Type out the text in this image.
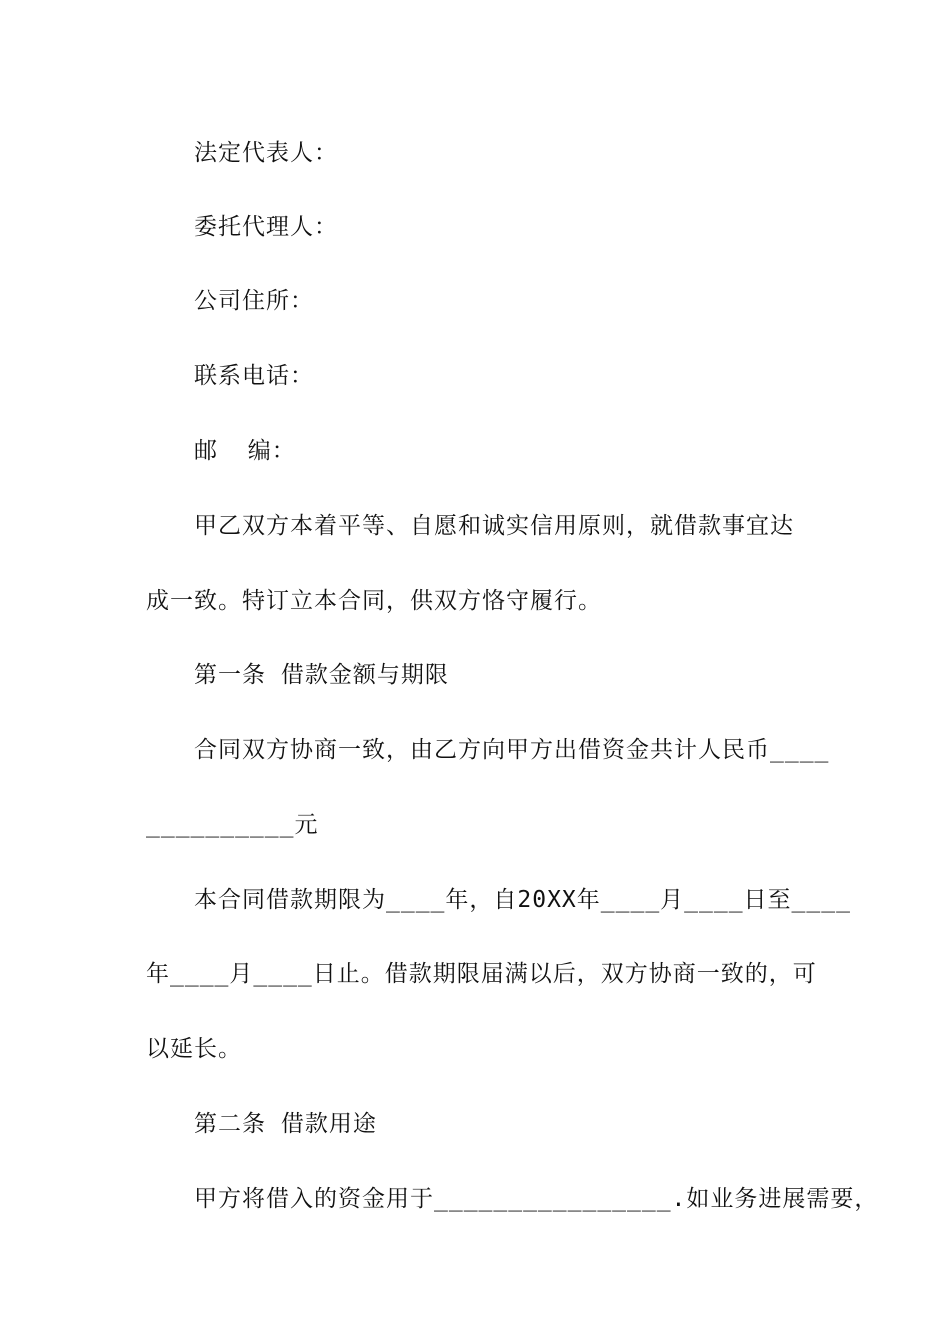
法定代表人：
委托代理人：
公司住所：
联系电话：
邮  编：
甲乙双方本着平等、自愿和诚实信用原则，就借款事宜达
成一致。特订立本合同，供双方恪守履行。
第一条 借款金额与期限
合同双方协商一致，由乙方向甲方出借资金共计人民币____
__________元
本合同借款期限为____年，自20XX年____月____日至____
年____月____日止。借款期限届满以后，双方协商一致的，可
以延长。
第二条 借款用途
甲方将借入的资金用于________________.如业务进展需要，
